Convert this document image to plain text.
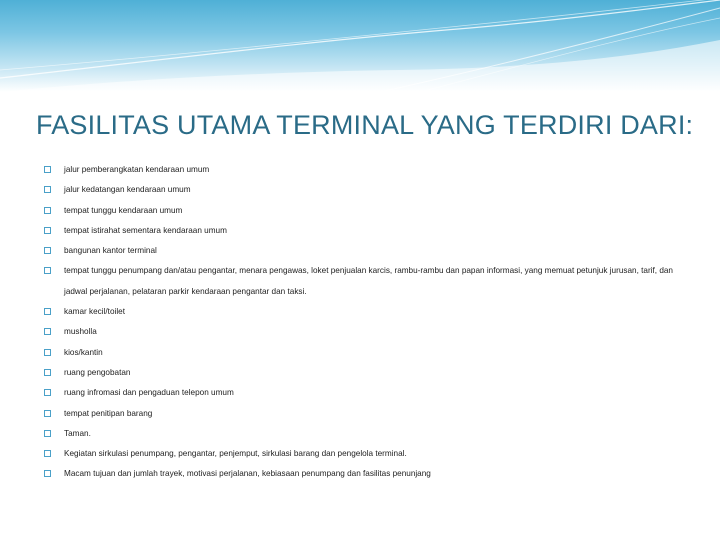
FASILITAS UTAMA TERMINAL YANG TERDIRI DARI:
jalur pemberangkatan kendaraan umum
jalur kedatangan kendaraan umum
tempat tunggu kendaraan umum
tempat istirahat sementara kendaraan umum
bangunan kantor terminal
tempat tunggu penumpang dan/atau pengantar, menara pengawas, loket penjualan karcis, rambu-rambu dan papan informasi, yang memuat petunjuk jurusan, tarif, dan jadwal perjalanan, pelataran parkir kendaraan pengantar dan taksi.
kamar kecil/toilet
musholla
kios/kantin
ruang pengobatan
ruang infromasi dan pengaduan telepon umum
tempat penitipan barang
Taman.
Kegiatan sirkulasi penumpang, pengantar, penjemput, sirkulasi barang dan pengelola terminal.
Macam tujuan dan jumlah trayek, motivasi perjalanan, kebiasaan penumpang dan fasilitas penunjang
